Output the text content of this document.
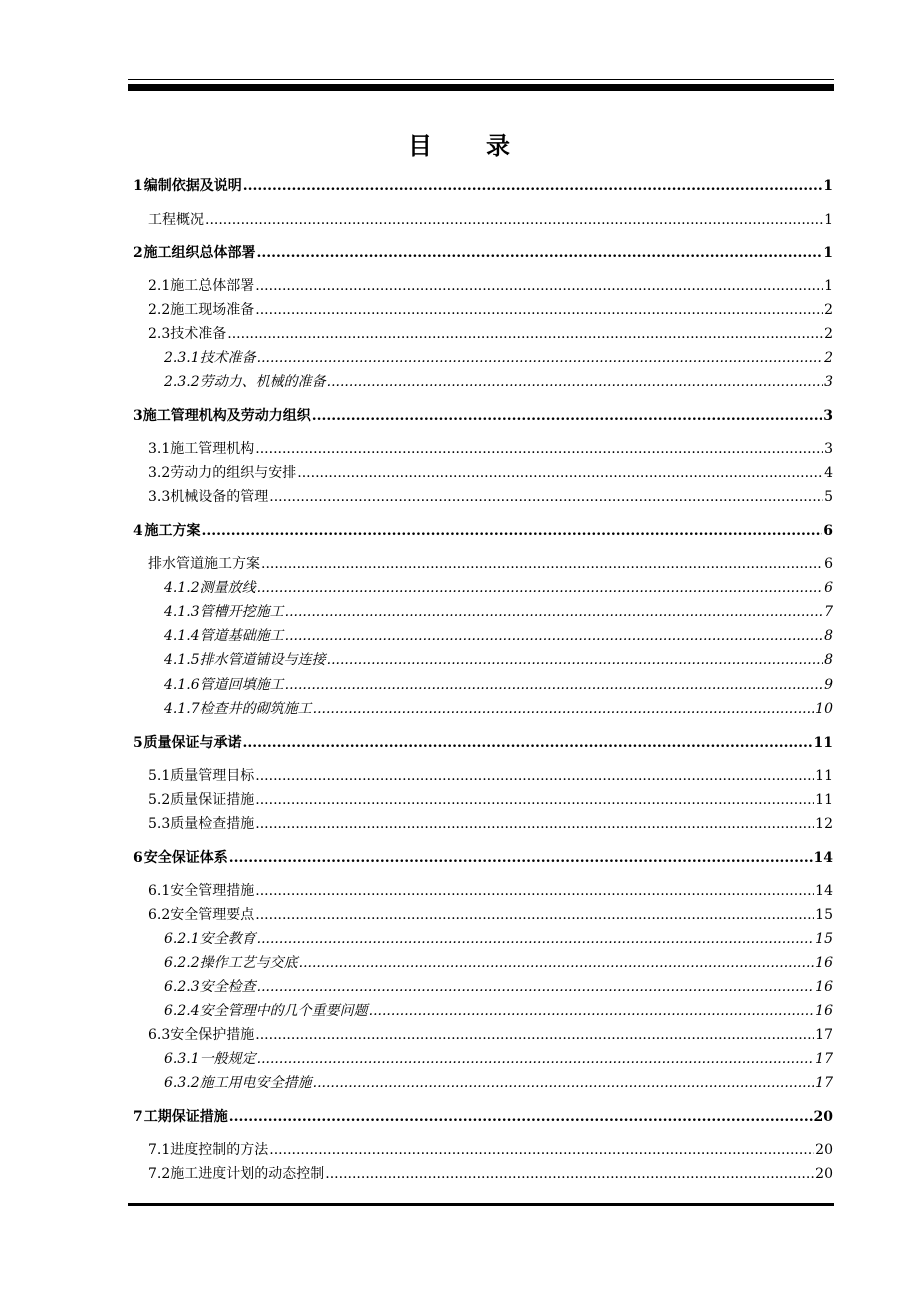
目 录
1 编制依据及说明 .....	1
工程概况 .....	1
2 施工组织总体部署 .....	1
2.1 施工总体部署 .....	1
2.2 施工现场准备 .....	2
2.3 技术准备 .....	2
2.3.1 技术准备 .....	2
2.3.2 劳动力、机械的准备 .....	3
3 施工管理机构及劳动力组织 .....	3
3.1 施工管理机构 .....	3
3.2 劳动力的组织与安排 .....	4
3.3 机械设备的管理 .....	5
4 施工方案 .....	6
排水管道施工方案 .....	6
4.1.2 测量放线 .....	6
4.1.3 管槽开挖施工 .....	7
4.1.4 管道基础施工 .....	8
4.1.5 排水管道铺设与连接 .....	8
4.1.6 管道回填施工 .....	9
4.1.7 检查井的砌筑施工 .....	10
5 质量保证与承诺 .....	11
5.1 质量管理目标 .....	11
5.2 质量保证措施 .....	11
5.3 质量检查措施 .....	12
6 安全保证体系 .....	14
6.1 安全管理措施 .....	14
6.2 安全管理要点 .....	15
6.2.1 安全教育 .....	15
6.2.2 操作工艺与交底 .....	16
6.2.3 安全检查 .....	16
6.2.4 安全管理中的几个重要问题 .....	16
6.3 安全保护措施 .....	17
6.3.1 一般规定 .....	17
6.3.2 施工用电安全措施 .....	17
7 工期保证措施 .....	20
7.1 进度控制的方法 .....	20
7.2 施工进度计划的动态控制 .....	20
